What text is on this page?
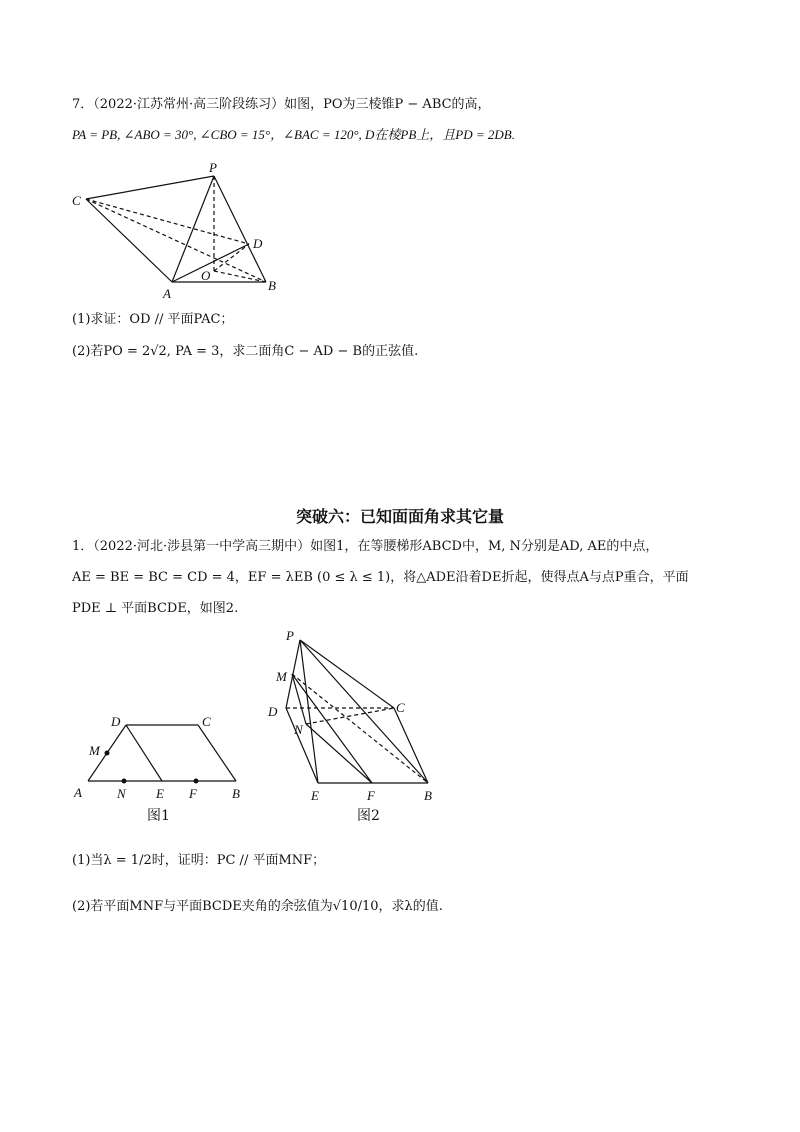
7．（2022·江苏常州·高三阶段练习）如图，PO为三棱锥P − ABC的高，
PA = PB, ∠ABO = 30°, ∠CBO = 15°，∠BAC = 120°, D在棱PB上，且PD = 2DB.
P
C
D
O
A
B
(1)求证：OD // 平面PAC；
(2)若PO = 2√2, PA = 3，求二面角C − AD − B的正弦值.
突破六：已知面面角求其它量
1．（2022·河北·涉县第一中学高三期中）如图1，在等腰梯形ABCD中，M, N分别是AD, AE的中点，
AE = BE = BC = CD = 4，EF = λEB (0 ≤ λ ≤ 1)，将△ADE沿着DE折起，使得点A与点P重合，平面
PDE ⊥ 平面BCDE，如图2.
D	C
M
A	N E F	B
图1
P
M
D	C
N
E	F	B
图2
(1)当λ = 1/2时，证明：PC // 平面MNF；
(2)若平面MNF与平面BCDE夹角的余弦值为√10/10，求λ的值.
